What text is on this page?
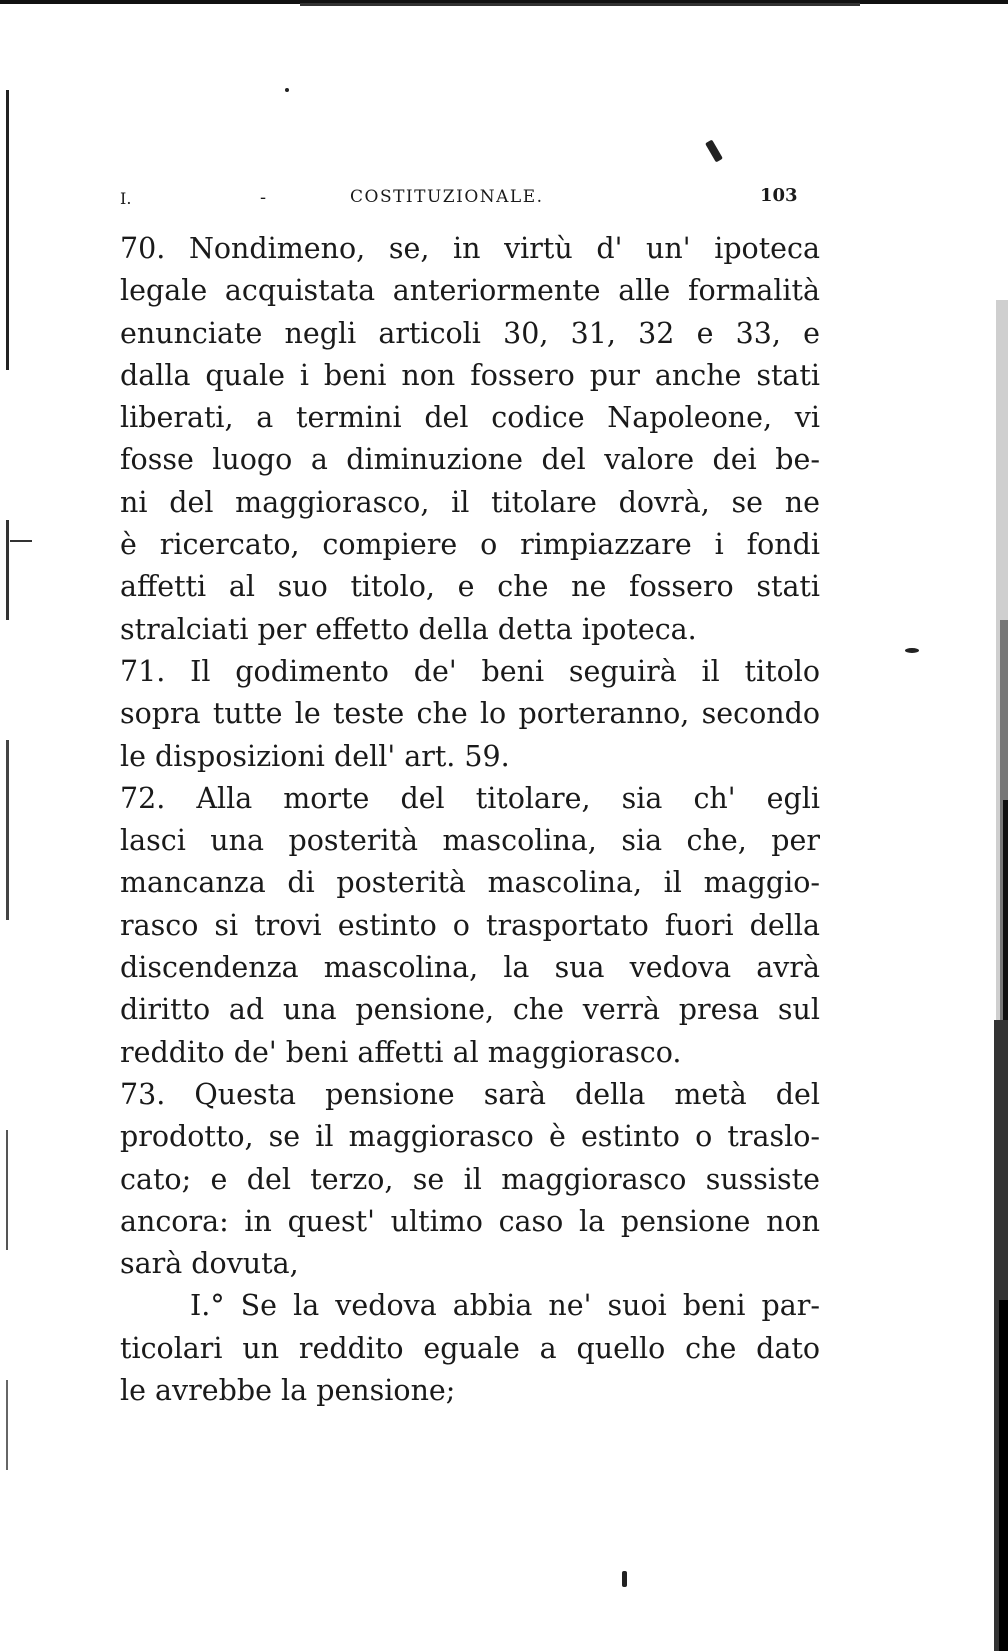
I.	-	COSTITUZIONALE.	103

70. Nondimeno, se, in virtù d' un' ipoteca
legale acquistata anteriormente alle formalità
enunciate negli articoli 30, 31, 32 e 33, e
dalla quale i beni non fossero pur anche stati
liberati, a termini del codice Napoleone, vi
fosse luogo a diminuzione del valore dei be-
ni del maggiorasco, il titolare dovrà, se ne
è ricercato, compiere o rimpiazzare i fondi
affetti al suo titolo, e che ne fossero stati
stralciati per effetto della detta ipoteca.

71. Il godimento de' beni seguirà il titolo
sopra tutte le teste che lo porteranno, secondo
le disposizioni dell' art. 59.

72. Alla morte del titolare, sia ch' egli
lasci una posterità mascolina, sia che, per
mancanza di posterità mascolina, il maggio-
rasco si trovi estinto o trasportato fuori della
discendenza mascolina, la sua vedova avrà
diritto ad una pensione, che verrà presa sul
reddito de' beni affetti al maggiorasco.

73. Questa pensione sarà della metà del
prodotto, se il maggiorasco è estinto o traslo-
cato; e del terzo, se il maggiorasco sussiste
ancora: in quest' ultimo caso la pensione non
sarà dovuta,

I.° Se la vedova abbia ne' suoi beni par-
ticolari un reddito eguale a quello che dato
le avrebbe la pensione;
